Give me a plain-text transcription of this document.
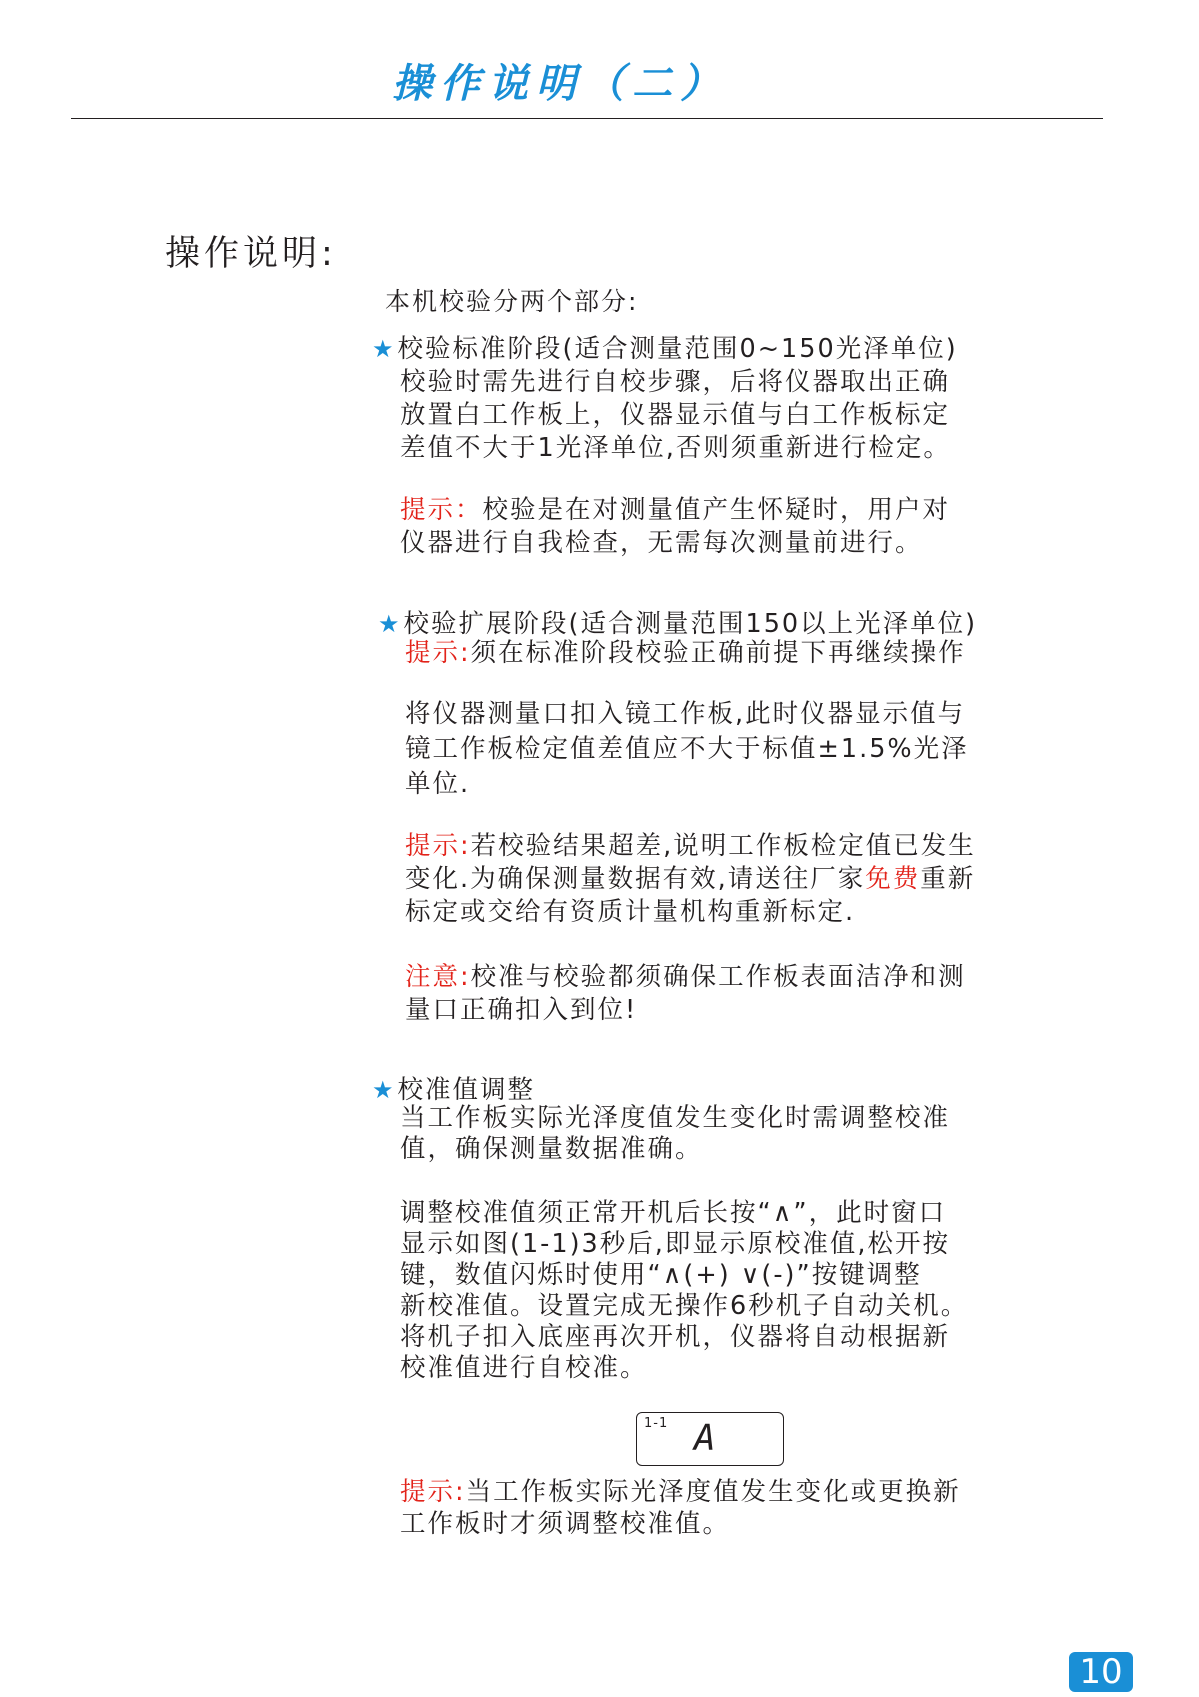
操作说明（二）
操作说明:
本机校验分两个部分:
★校验标准阶段(适合测量范围0~150光泽单位)
校验时需先进行自校步骤，后将仪器取出正确
放置白工作板上，仪器显示值与白工作板标定
差值不大于1光泽单位,否则须重新进行检定。
提示：校验是在对测量值产生怀疑时，用户对
仪器进行自我检查，无需每次测量前进行。
★校验扩展阶段(适合测量范围150以上光泽单位)
提示:须在标准阶段校验正确前提下再继续操作
将仪器测量口扣入镜工作板,此时仪器显示值与
镜工作板检定值差值应不大于标值±1.5%光泽
单位.
提示:若校验结果超差,说明工作板检定值已发生
变化.为确保测量数据有效,请送往厂家免费重新
标定或交给有资质计量机构重新标定.
注意:校准与校验都须确保工作板表面洁净和测
量口正确扣入到位!
★校准值调整
当工作板实际光泽度值发生变化时需调整校准
值，确保测量数据准确。
调整校准值须正常开机后长按“∧”，此时窗口
显示如图(1-1)3秒后,即显示原校准值,松开按
键，数值闪烁时使用“∧(+) ∨(-)”按键调整
新校准值。设置完成无操作6秒机子自动关机。
将机子扣入底座再次开机，仪器将自动根据新
校准值进行自校准。
1-1 A
提示:当工作板实际光泽度值发生变化或更换新
工作板时才须调整校准值。
10
